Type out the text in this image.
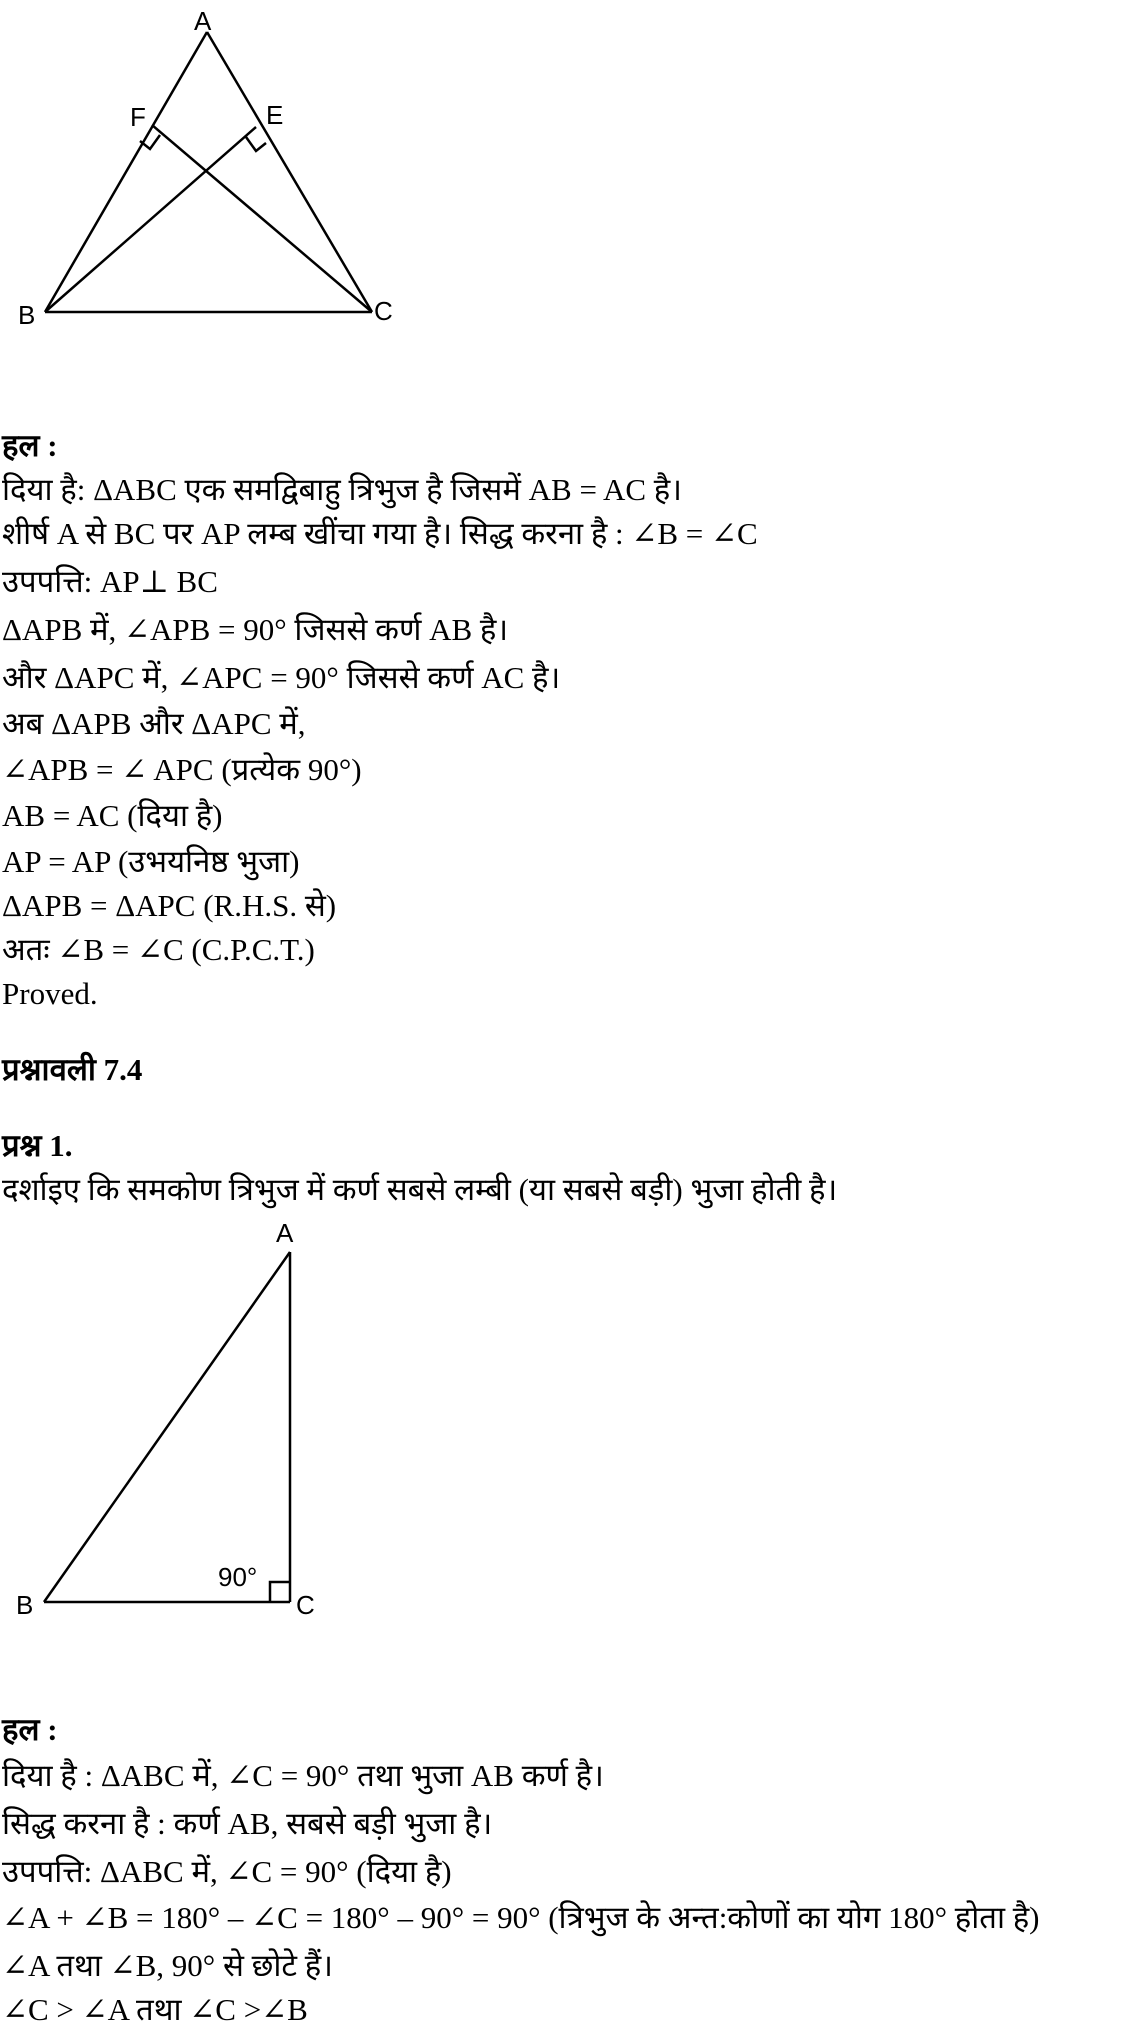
A
F	E
B	C
हल :
दिया है: ΔABC एक समद्विबाहु त्रिभुज है जिसमें AB = AC है।
शीर्ष A से BC पर AP लम्ब खींचा गया है। सिद्ध करना है : ∠B = ∠C
उपपत्ति: AP⊥ BC
ΔAPB में, ∠APB = 90° जिससे कर्ण AB है।
और ΔAPC में, ∠APC = 90° जिससे कर्ण AC है।
अब ΔAPB और ΔAPC में,
∠APB = ∠ APC (प्रत्येक 90°)
AB = AC (दिया है)
AP = AP (उभयनिष्ठ भुजा)
ΔAPB = ΔAPC (R.H.S. से)
अतः ∠B = ∠C (C.P.C.T.)
Proved.
प्रश्नावली 7.4
प्रश्न 1.
दर्शाइए कि समकोण त्रिभुज में कर्ण सबसे लम्बी (या सबसे बड़ी) भुजा होती है।
A
B	C
90°
हल :
दिया है : ΔABC में, ∠C = 90° तथा भुजा AB कर्ण है।
सिद्ध करना है : कर्ण AB, सबसे बड़ी भुजा है।
उपपत्ति: ΔABC में, ∠C = 90° (दिया है)
∠A + ∠B = 180° – ∠C = 180° – 90° = 90° (त्रिभुज के अन्त:कोणों का योग 180° होता है)
∠A तथा ∠B, 90° से छोटे हैं।
∠C > ∠A तथा ∠C >∠B
